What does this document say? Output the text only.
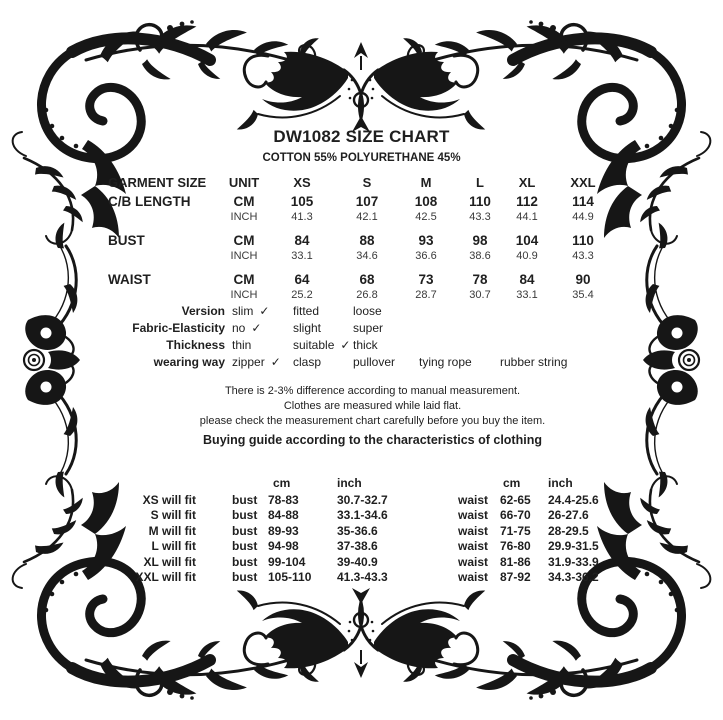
DW1082 SIZE CHART
COTTON 55% POLYURETHANE 45%
GARMENT SIZE	UNIT	XS	S	M	L	XL	XXL
C/B LENGTH	CM	105	107	108	110	112	114
INCH	41.3	42.1	42.5	43.3	44.1	44.9
BUST	CM	84	88	93	98	104	110
INCH	33.1	34.6	36.6	38.6	40.9	43.3
WAIST	CM	64	68	73	78	84	90
INCH	25.2	26.8	28.7	30.7	33.1	35.4
Version slim ✓ fitted	loose
Fabric-Elasticity no ✓	slight	super
Thickness thin	suitable ✓ thick
wearing way zipper ✓ clasp	pullover tying rope rubber string
There is 2-3% difference according to manual measurement.
Clothes are measured while laid flat.
please check the measurement chart carefully before you buy the item.
Buying guide according to the characteristics of clothing
cm	inch	cm	inch
XS will fit	bust 78-83	30.7-32.7	waist 62-65	24.4-25.6
S will fit	bust 84-88	33.1-34.6	waist 66-70	26-27.6
M will fit	bust 89-93	35-36.6	waist 71-75	28-29.5
L will fit	bust 94-98	37-38.6	waist 76-80	29.9-31.5
XL will fit	bust 99-104	39-40.9	waist 81-86	31.9-33.9
XXL will fit	bust 105-110	41.3-43.3	waist 87-92	34.3-36.2
